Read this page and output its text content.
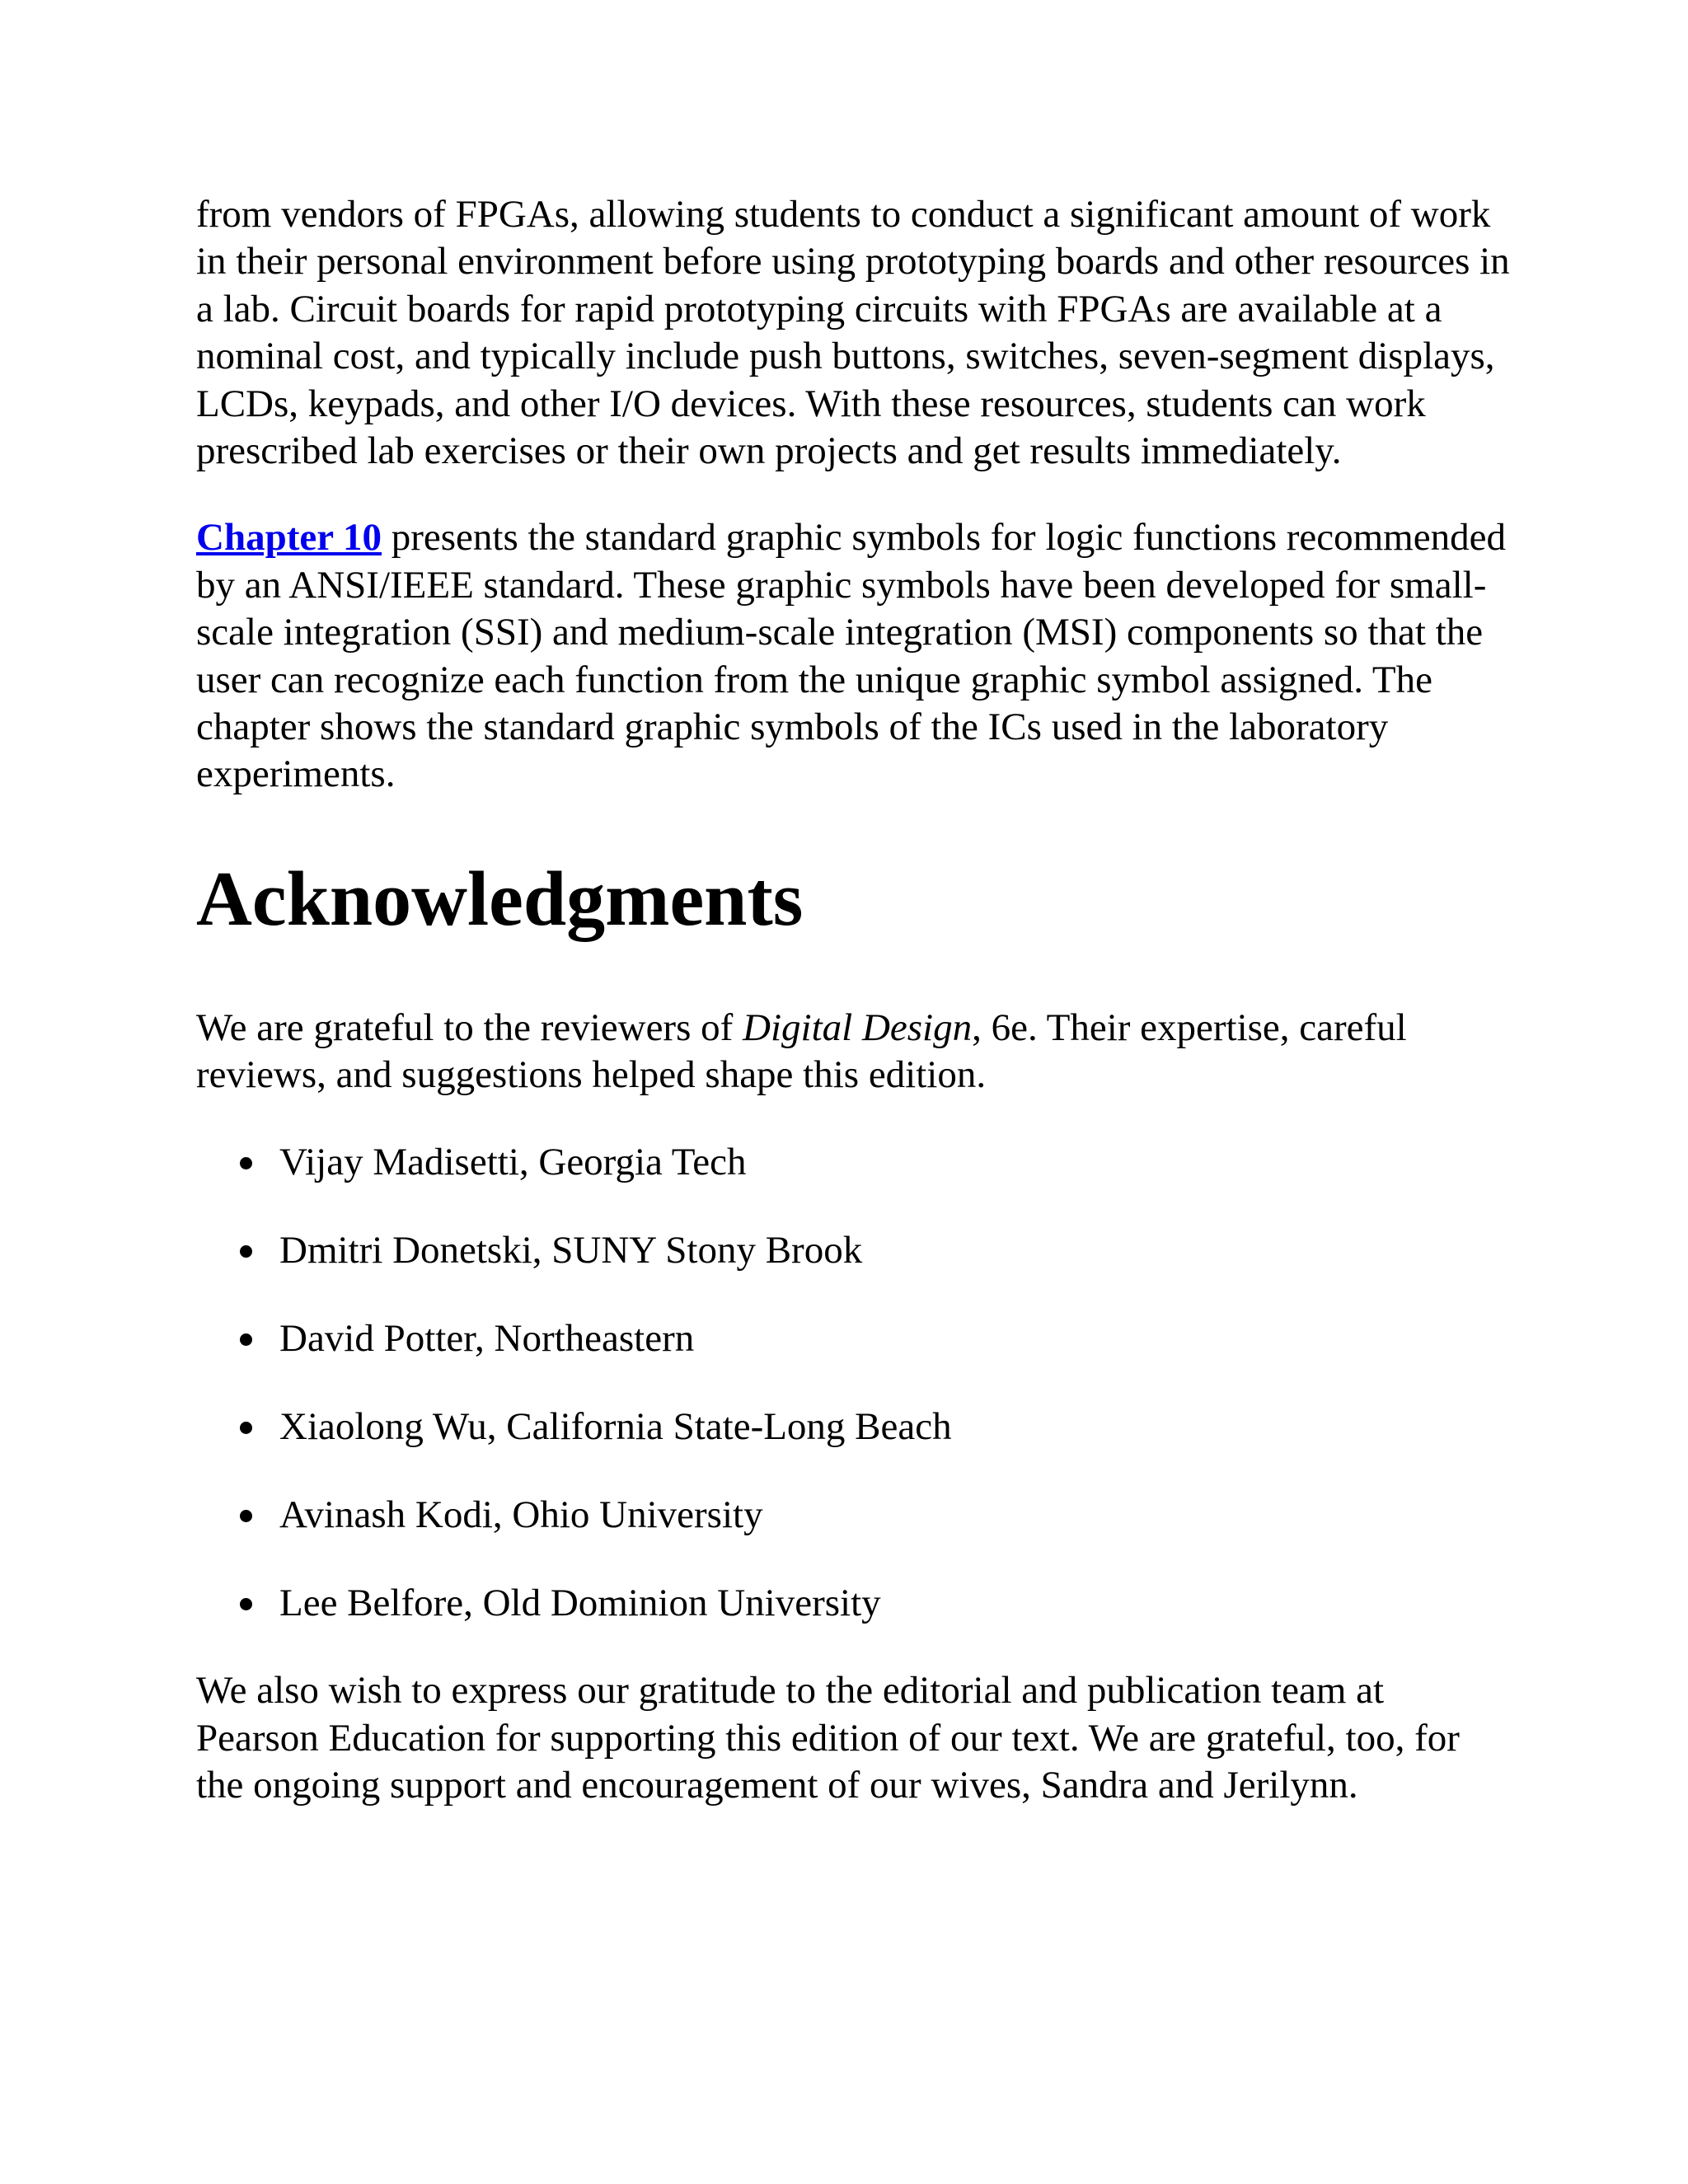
from vendors of FPGAs, allowing students to conduct a significant amount of work in their personal environment before using prototyping boards and other resources in a lab. Circuit boards for rapid prototyping circuits with FPGAs are available at a nominal cost, and typically include push buttons, switches, seven-segment displays, LCDs, keypads, and other I/O devices. With these resources, students can work prescribed lab exercises or their own projects and get results immediately.

Chapter 10 presents the standard graphic symbols for logic functions recommended by an ANSI/IEEE standard. These graphic symbols have been developed for small-scale integration (SSI) and medium-scale integration (MSI) components so that the user can recognize each function from the unique graphic symbol assigned. The chapter shows the standard graphic symbols of the ICs used in the laboratory experiments.

Acknowledgments

We are grateful to the reviewers of Digital Design, 6e. Their expertise, careful reviews, and suggestions helped shape this edition.

Vijay Madisetti, Georgia Tech
Dmitri Donetski, SUNY Stony Brook
David Potter, Northeastern
Xiaolong Wu, California State-Long Beach
Avinash Kodi, Ohio University
Lee Belfore, Old Dominion University

We also wish to express our gratitude to the editorial and publication team at Pearson Education for supporting this edition of our text. We are grateful, too, for the ongoing support and encouragement of our wives, Sandra and Jerilynn.
